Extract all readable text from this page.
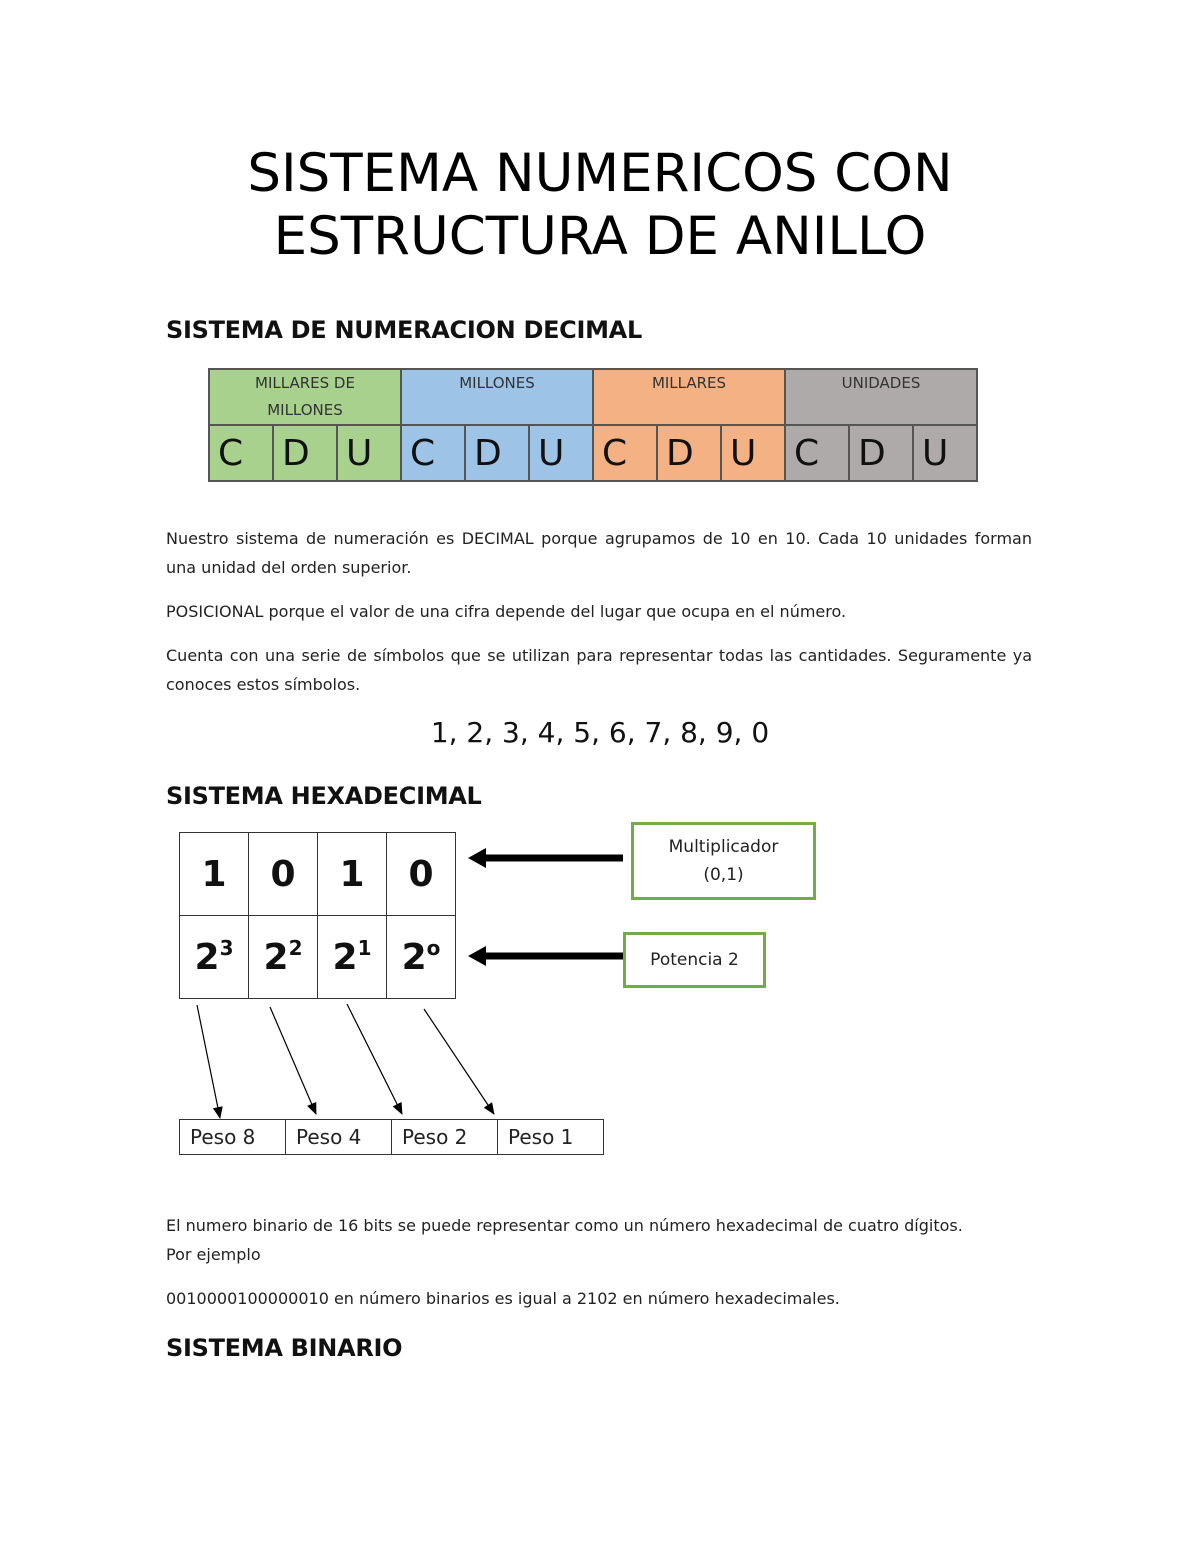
SISTEMA NUMERICOS CON
ESTRUCTURA DE ANILLO
SISTEMA DE NUMERACION DECIMAL
MILLARES DE MILLONES			MILLONES			MILLARES			UNIDADES		
C	D	U	C	D	U	C	D	U	C	D	U

Nuestro sistema de numeración es DECIMAL porque agrupamos de 10 en 10. Cada 10 unidades forman una unidad del orden superior.

POSICIONAL porque el valor de una cifra depende del lugar que ocupa en el número.

Cuenta con una serie de símbolos que se utilizan para representar todas las cantidades. Seguramente ya conoces estos símbolos.

1, 2, 3, 4, 5, 6, 7, 8, 9, 0
SISTEMA HEXADECIMAL
1	0	1	0
$2^3$	$2^2$	$2^1$	2$^o$
Multiplicador
(0,1)
Potencia 2
Peso 8	Peso 4	Peso 2	Peso 1

El numero binario de 16 bits se puede representar como un número hexadecimal de cuatro dígitos. Por ejemplo

0010000100000010 en número binarios es igual a 2102 en número hexadecimales.

SISTEMA BINARIO
